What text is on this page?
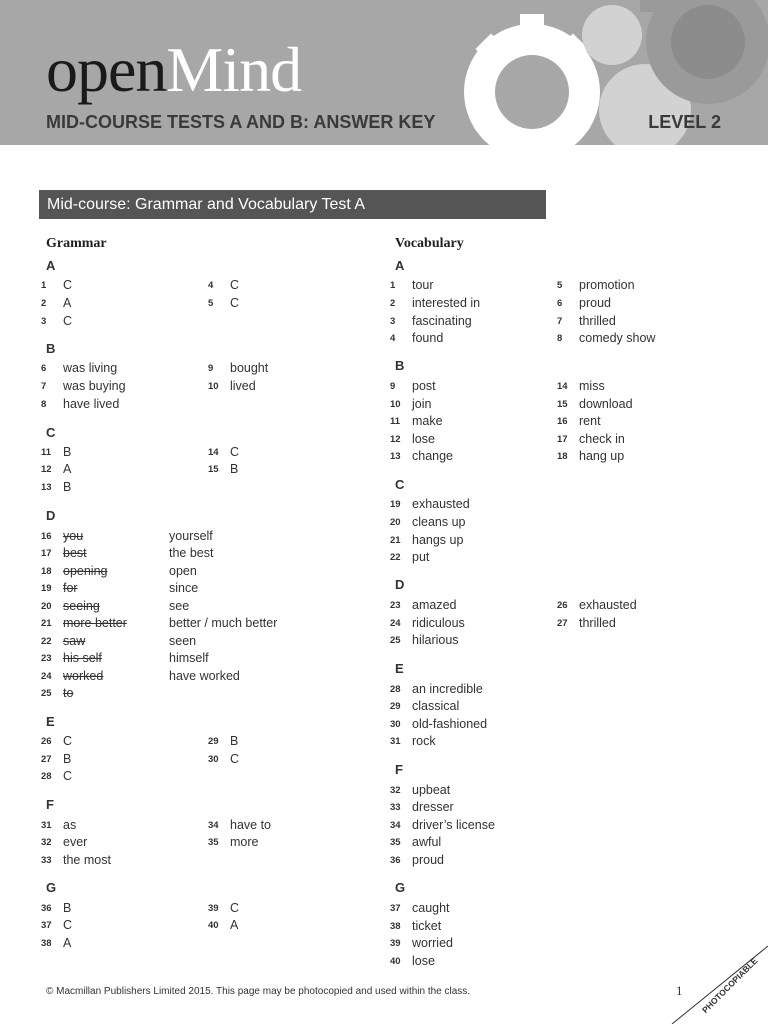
openMind
MID-COURSE TESTS A AND B: ANSWER KEY	LEVEL 2
Mid-course: Grammar and Vocabulary Test A
Grammar	Vocabulary
A
1 C
2 A
3 C
4 C
5 C
B
6 was living
7 was buying
8 have lived
9 bought
10 lived
C
11 B
12 A
13 B
14 C
15 B
D
16 you	yourself
17 best	the best
18 opening	open
19 for	since
20 seeing	see
21 more better	better / much better
22 saw	seen
23 his self	himself
24 worked	have worked
25 to
E
26 C
27 B
28 C
29 B
30 C
F
31 as
32 ever
33 the most
34 have to
35 more
G
36 B
37 C
38 A
39 C
40 A
A
1 tour
2 interested in
3 fascinating
4 found
5 promotion
6 proud
7 thrilled
8 comedy show
B
9 post
10 join
11 make
12 lose
13 change
14 miss
15 download
16 rent
17 check in
18 hang up
C
19 exhausted
20 cleans up
21 hangs up
22 put
D
23 amazed
24 ridiculous
25 hilarious
26 exhausted
27 thrilled
E
28 an incredible
29 classical
30 old-fashioned
31 rock
F
32 upbeat
33 dresser
34 driver’s license
35 awful
36 proud
G
37 caught
38 ticket
39 worried
40 lose
© Macmillan Publishers Limited 2015. This page may be photocopied and used within the class.	1 PHOTOCOPIABLE
